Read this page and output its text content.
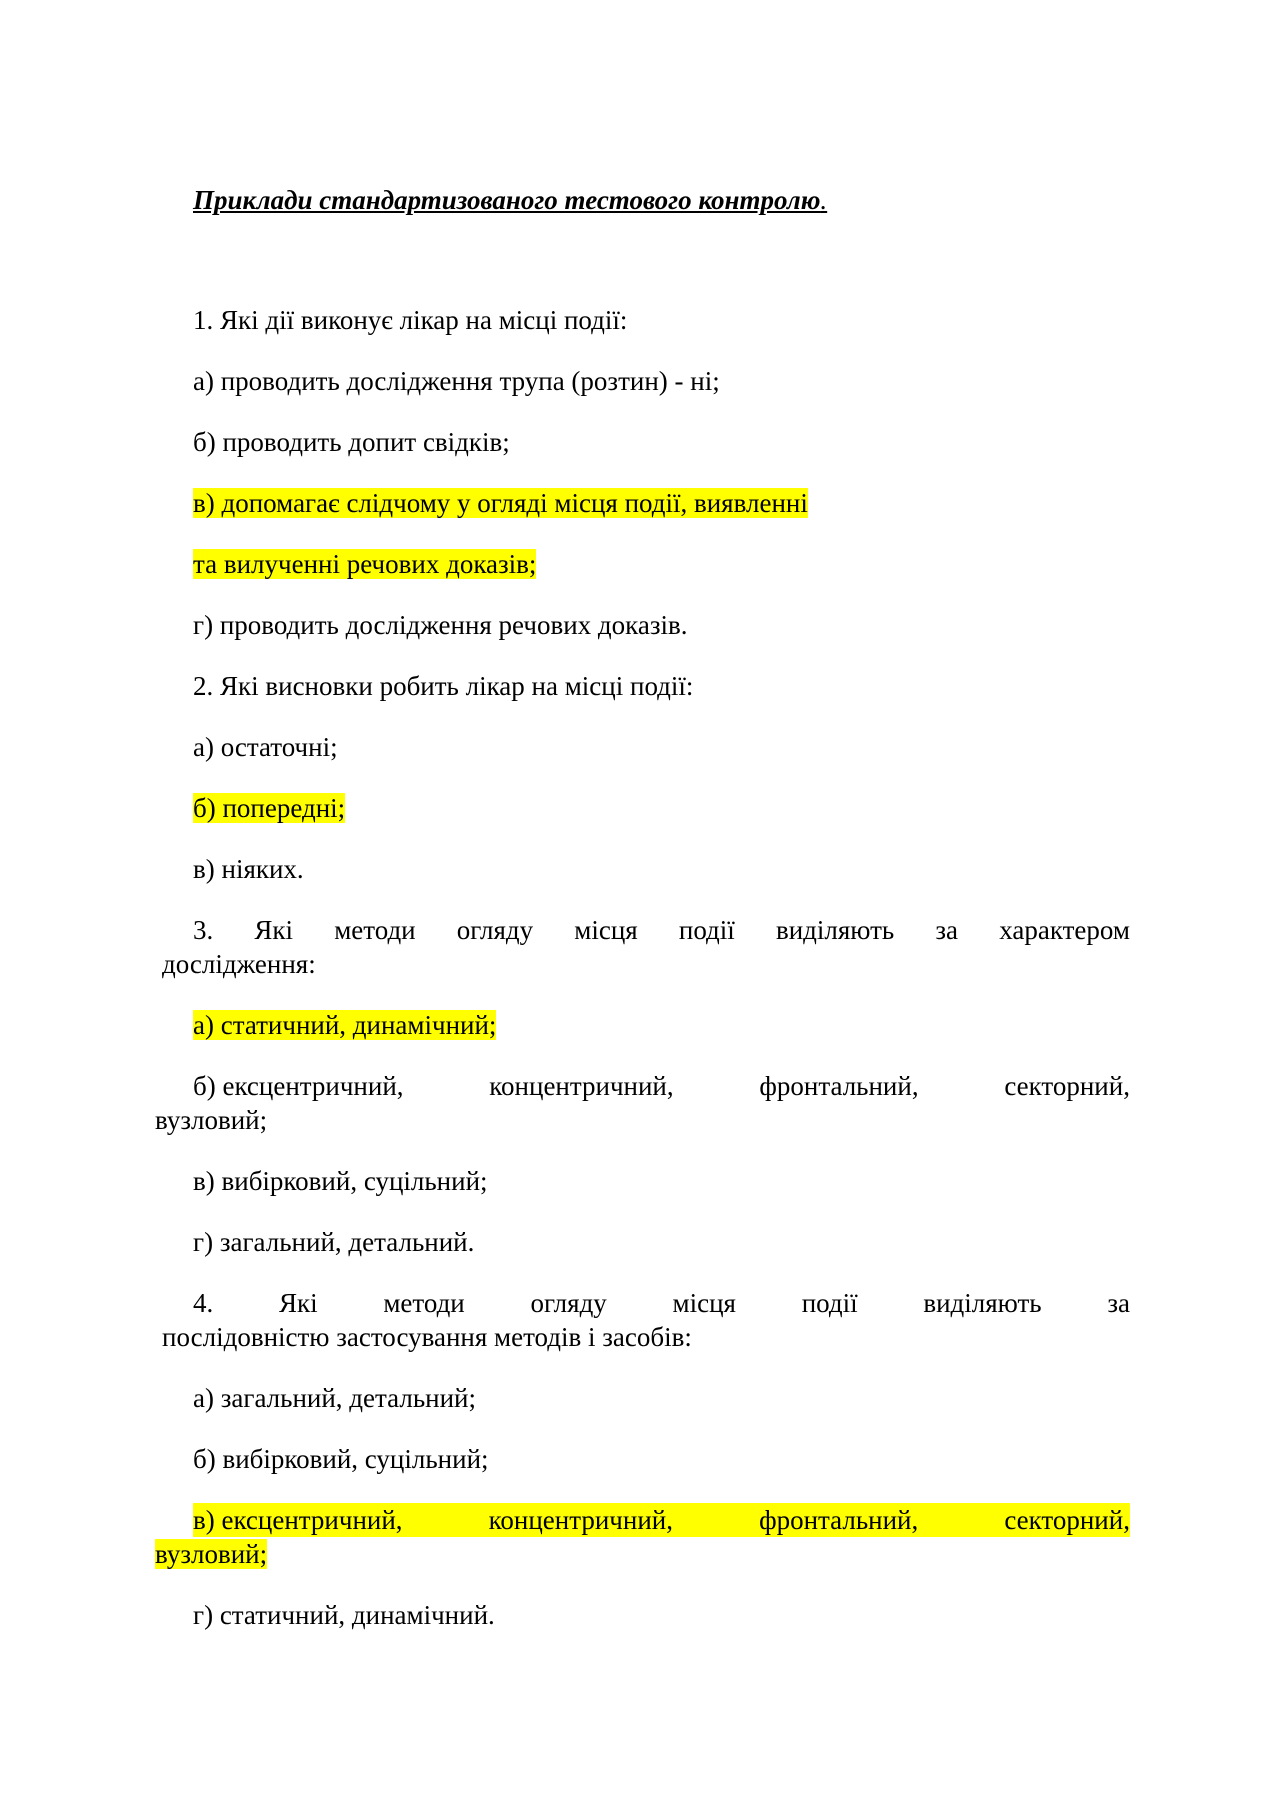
Приклади стандартизованого тестового контролю.
1. Які дії виконує лікар на місці події:
а) проводить дослідження трупа (розтин) - ні;
б) проводить допит свідків;
в) допомагає слідчому у огляді місця події, виявленні
та вилученні речових доказів;
г) проводить дослідження речових доказів.
2. Які висновки робить лікар на місці події:
а) остаточні;
б) попередні;
в) ніяких.
3. Які методи огляду місця події виділяють за характером
дослідження:
а) статичний, динамічний;
б) ексцентричний,	концентричний,	фронтальний,	секторний,
вузловий;
в) вибірковий, суцільний;
г) загальний, детальний.
4. Які методи огляду місця події виділяють за
послідовністю застосування методів і засобів:
а) загальний, детальний;
б) вибірковий, суцільний;
в) ексцентричний,	концентричний,	фронтальний,	секторний,
вузловий;
г) статичний, динамічний.
